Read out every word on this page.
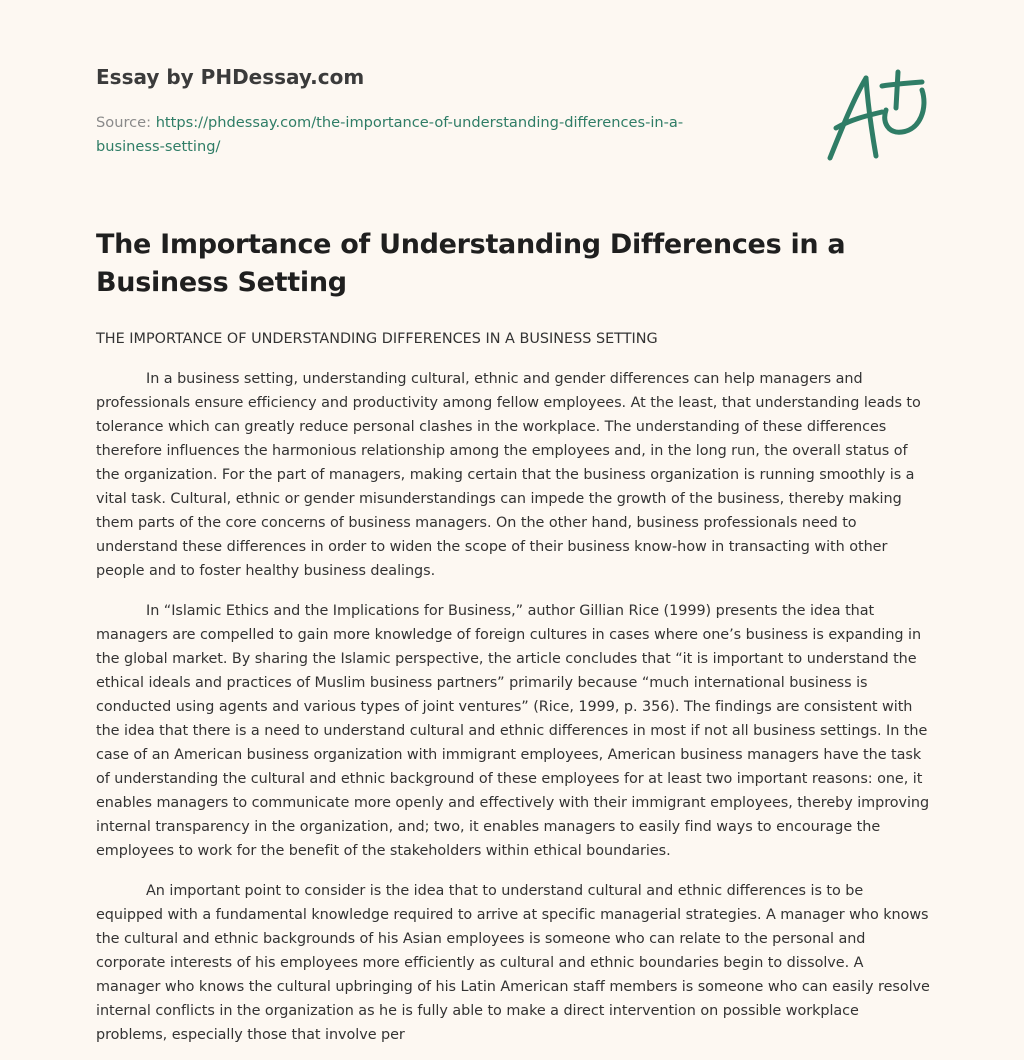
Essay by PHDessay.com
Source: https://phdessay.com/the-importance-of-understanding-differences-in-a-business-setting/
The Importance of Understanding Differences in a Business Setting
THE IMPORTANCE OF UNDERSTANDING DIFFERENCES IN A BUSINESS SETTING

In a business setting, understanding cultural, ethnic and gender differences can help managers and professionals ensure efficiency and productivity among fellow employees. At the least, that understanding leads to tolerance which can greatly reduce personal clashes in the workplace. The understanding of these differences therefore influences the harmonious relationship among the employees and, in the long run, the overall status of the organization. For the part of managers, making certain that the business organization is running smoothly is a vital task. Cultural, ethnic or gender misunderstandings can impede the growth of the business, thereby making them parts of the core concerns of business managers. On the other hand, business professionals need to understand these differences in order to widen the scope of their business know-how in transacting with other people and to foster healthy business dealings.

In “Islamic Ethics and the Implications for Business,” author Gillian Rice (1999) presents the idea that managers are compelled to gain more knowledge of foreign cultures in cases where one’s business is expanding in the global market. By sharing the Islamic perspective, the article concludes that “it is important to understand the ethical ideals and practices of Muslim business partners” primarily because “much international business is conducted using agents and various types of joint ventures” (Rice, 1999, p. 356). The findings are consistent with the idea that there is a need to understand cultural and ethnic differences in most if not all business settings. In the case of an American business organization with immigrant employees, American business managers have the task of understanding the cultural and ethnic background of these employees for at least two important reasons: one, it enables managers to communicate more openly and effectively with their immigrant employees, thereby improving internal transparency in the organization, and; two, it enables managers to easily find ways to encourage the employees to work for the benefit of the stakeholders within ethical boundaries.

An important point to consider is the idea that to understand cultural and ethnic differences is to be equipped with a fundamental knowledge required to arrive at specific managerial strategies. A manager who knows the cultural and ethnic backgrounds of his Asian employees is someone who can relate to the personal and corporate interests of his employees more efficiently as cultural and ethnic boundaries begin to dissolve. A manager who knows the cultural upbringing of his Latin American staff members is someone who can easily resolve internal conflicts in the organization as he is fully able to make a direct intervention on possible workplace problems, especially those that involve per
